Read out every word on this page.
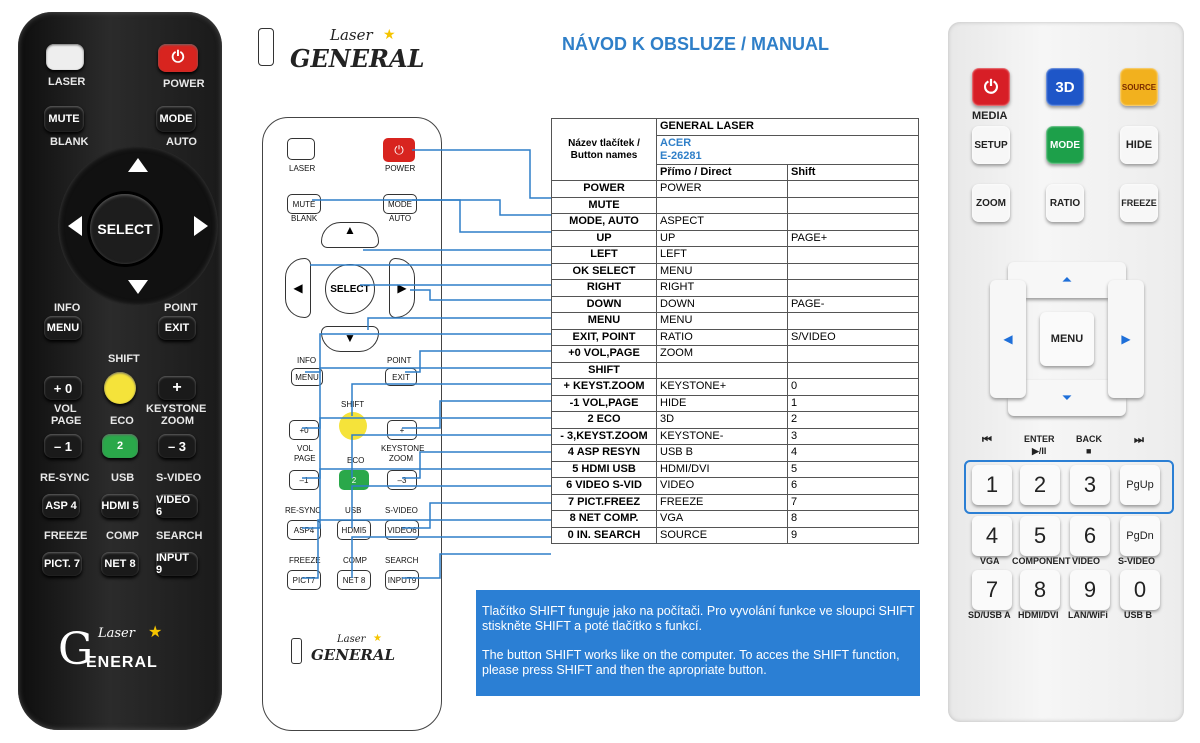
LASER
⏻
POWER
MUTE
BLANK
MODE
AUTO
SELECT
INFO
MENU
POINT
EXIT
SHIFT
+ 0
VOL
PAGE
+
KEYSTONE
ZOOM
ECO
– 1	2	– 3
RE-SYNC USB S-VIDEO
ASP 4 HDMI 5 VIDEO 6
FREEZE COMP SEARCH
PICT. 7	NET 8	INPUT 9
G Laser ★
ENERAL
Laser ★
GENERAL	NÁVOD K OBSLUZE / MANUAL
LASER
⏻
POWER
MUTE
BLANK
MODE
AUTO
▲
◀	▶
SELECT
▼
INFO
MENU
POINT
EXIT
SHIFT
+0	+
VOL
PAGE	ECO
KEYSTONE
ZOOM
–1	2	–3
RE-SYNC	USB	S-VIDEO
ASP4	HDMI5	VIDEO6
FREEZE	COMP SEARCH
PICT7	NET 8	INPUT9
Laser ★
GENERAL
Název tlačítek / Button names	GENERAL LASER	

	ACER
E-26281	

	Přímo / Direct	Shift
POWER	POWER	
MUTE		
MODE, AUTO	ASPECT	
UP	UP	PAGE+
LEFT	LEFT	
OK SELECT	MENU	
RIGHT	RIGHT	
DOWN	DOWN	PAGE-
MENU	MENU	
EXIT, POINT	RATIO	S/VIDEO
+0 VOL,PAGE	ZOOM	
SHIFT		
+ KEYST.ZOOM	KEYSTONE+	0
-1 VOL,PAGE	HIDE	1
2 ECO	3D	2
- 3,KEYST.ZOOM	KEYSTONE-	3
4 ASP RESYN	USB B	4
5 HDMI USB	HDMI/DVI	5
6 VIDEO S-VID	VIDEO	6
7 PICT.FREEZ	FREEZE	7
8 NET COMP.	VGA	8
0 IN. SEARCH	SOURCE	9
Tlačítko SHIFT funguje jako na počítači. Pro vyvolání funkce ve sloupci SHIFT stiskněte SHIFT a poté tlačítko s funkcí.
The button SHIFT works like on the computer. To acces the SHIFT function, please press SHIFT and then the apropriate button.
⏻
MEDIA
3D	SOURCE
SETUP	MODE	HIDE
ZOOM	RATIO	FREEZE
⏶
⏷
◀	▶
MENU
⏮	ENTER
▶/II
BACK
■
⏭
1	2	3	PgUp
4	5	6	PgDn
VGA COMPONENT VIDEO S-VIDEO
7	8	9	0
SD/USB A HDMI/DVI LAN/WiFi USB B
